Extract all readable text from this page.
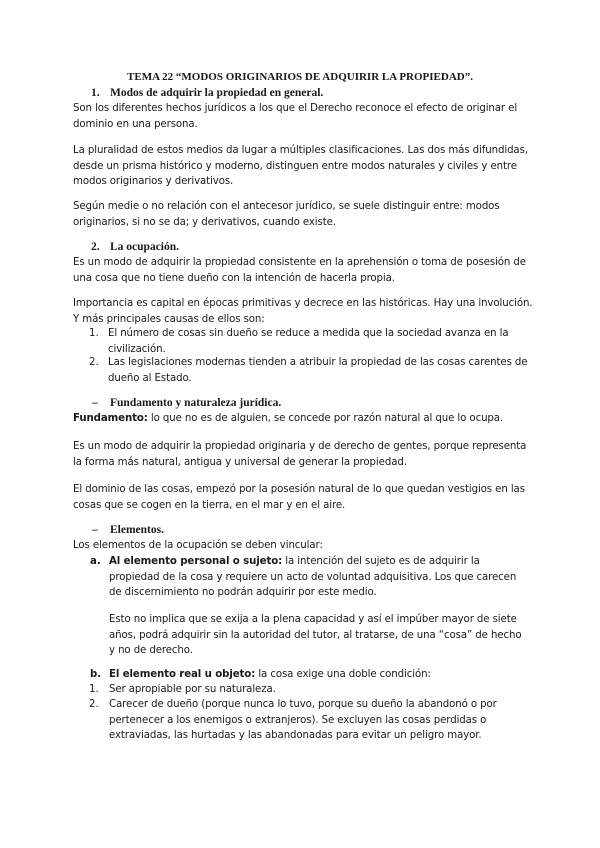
TEMA 22 “MODOS ORIGINARIOS DE ADQUIRIR LA PROPIEDAD”.
1. Modos de adquirir la propiedad en general.
Son los diferentes hechos jurídicos a los que el Derecho reconoce el efecto de originar el dominio en una persona.
La pluralidad de estos medios da lugar a múltiples clasificaciones. Las dos más difundidas, desde un prisma histórico y moderno, distinguen entre modos naturales y civiles y entre modos originarios y derivativos.
Según medie o no relación con el antecesor jurídico, se suele distinguir entre: modos originarios, si no se da; y derivativos, cuando existe.
2. La ocupación.
Es un modo de adquirir la propiedad consistente en la aprehensión o toma de posesión de una cosa que no tiene dueño con la intención de hacerla propia.
Importancia es capital en épocas primitivas y decrece en las históricas. Hay una involución. Y más principales causas de ellos son:
1. El número de cosas sin dueño se reduce a medida que la sociedad avanza en la civilización.
2. Las legislaciones modernas tienden a atribuir la propiedad de las cosas carentes de dueño al Estado.
– Fundamento y naturaleza jurídica.
Fundamento: lo que no es de alguien, se concede por razón natural al que lo ocupa.
Es un modo de adquirir la propiedad originaria y de derecho de gentes, porque representa la forma más natural, antigua y universal de generar la propiedad.
El dominio de las cosas, empezó por la posesión natural de lo que quedan vestigios en las cosas que se cogen en la tierra, en el mar y en el aire.
– Elementos.
Los elementos de la ocupación se deben vincular:
a. Al elemento personal o sujeto: la intención del sujeto es de adquirir la propiedad de la cosa y requiere un acto de voluntad adquisitiva. Los que carecen de discernimiento no podrán adquirir por este medio.
Esto no implica que se exija a la plena capacidad y así el impúber mayor de siete años, podrá adquirir sin la autoridad del tutor, al tratarse, de una “cosa” de hecho y no de derecho.
b. El elemento real u objeto: la cosa exige una doble condición:
1. Ser apropiable por su naturaleza.
2. Carecer de dueño (porque nunca lo tuvo, porque su dueño la abandonó o por pertenecer a los enemigos o extranjeros). Se excluyen las cosas perdidas o extraviadas, las hurtadas y las abandonadas para evitar un peligro mayor.
